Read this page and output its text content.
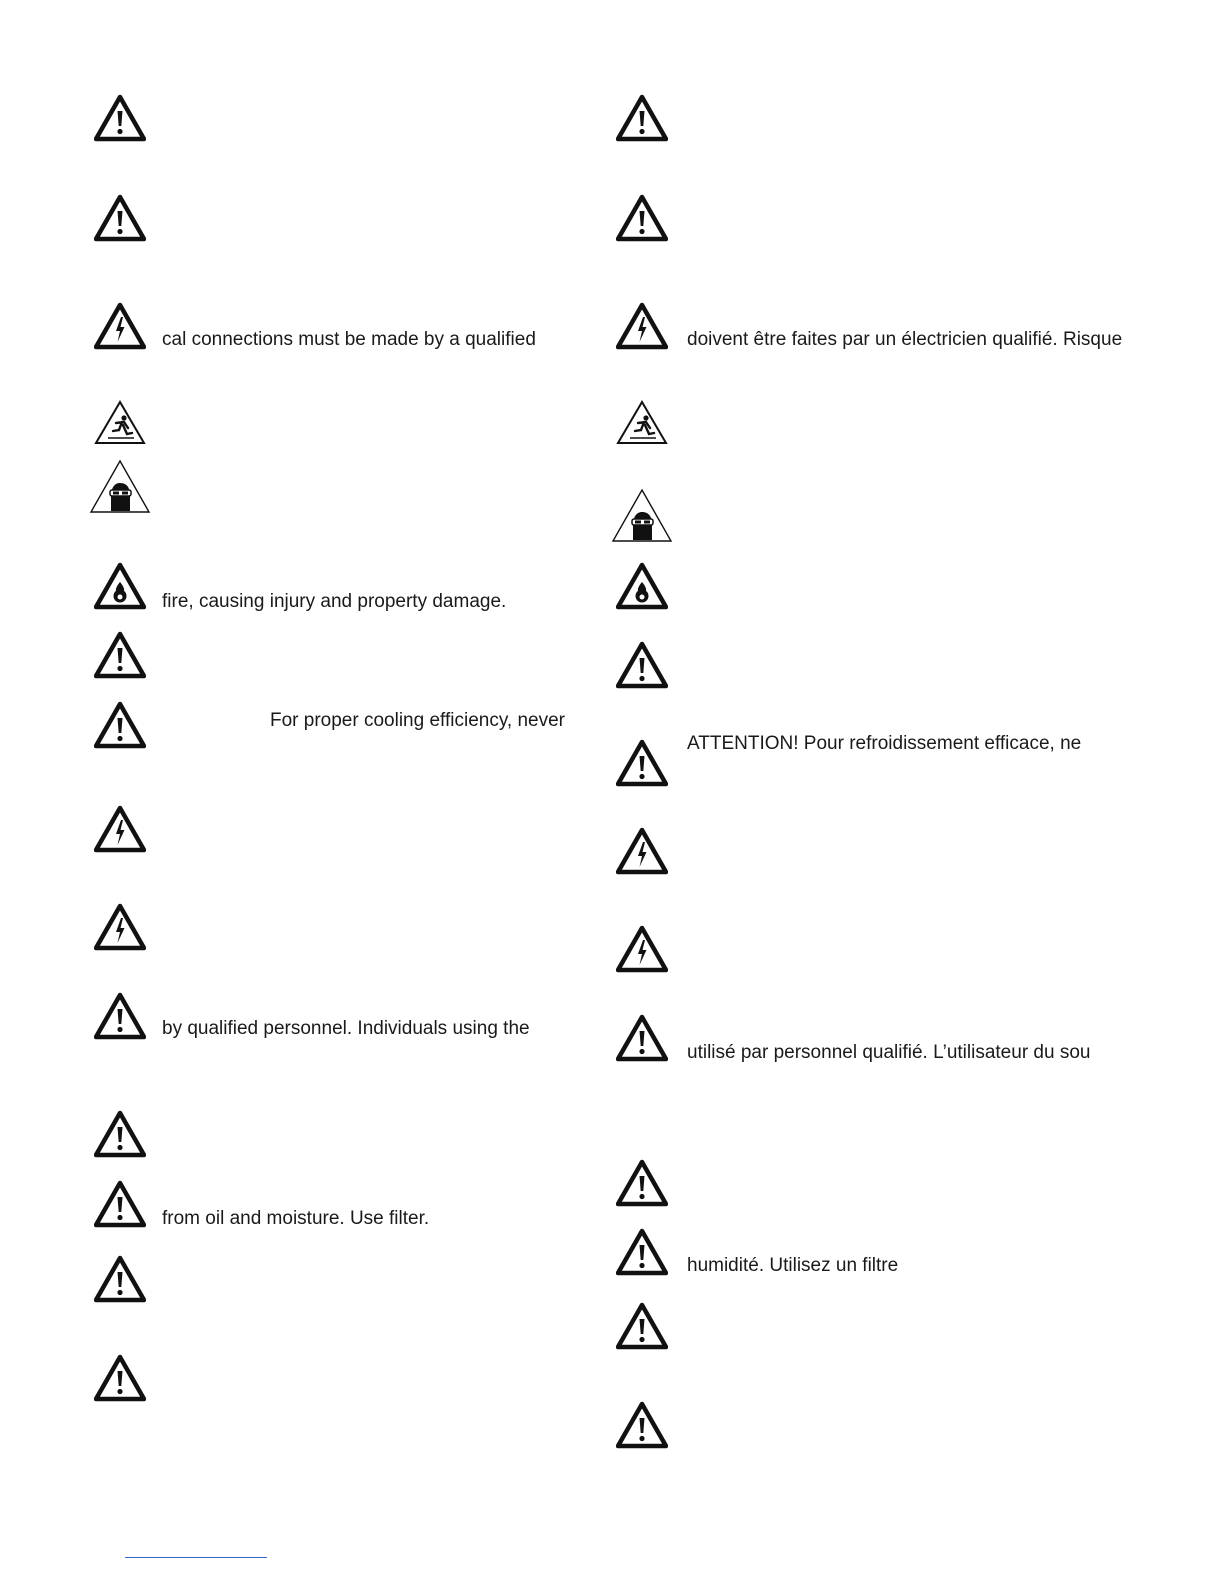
cal connections must be made by a qualified
fire, causing injury and property damage.
For proper cooling efficiency, never
by qualified personnel. Individuals using the
from oil and moisture. Use filter.
doivent être faites par un électricien qualifié. Risque
ATTENTION! Pour refroidissement efficace, ne
utilisé par personnel qualifié. L’utilisateur du sou
humidité. Utilisez un filtre
